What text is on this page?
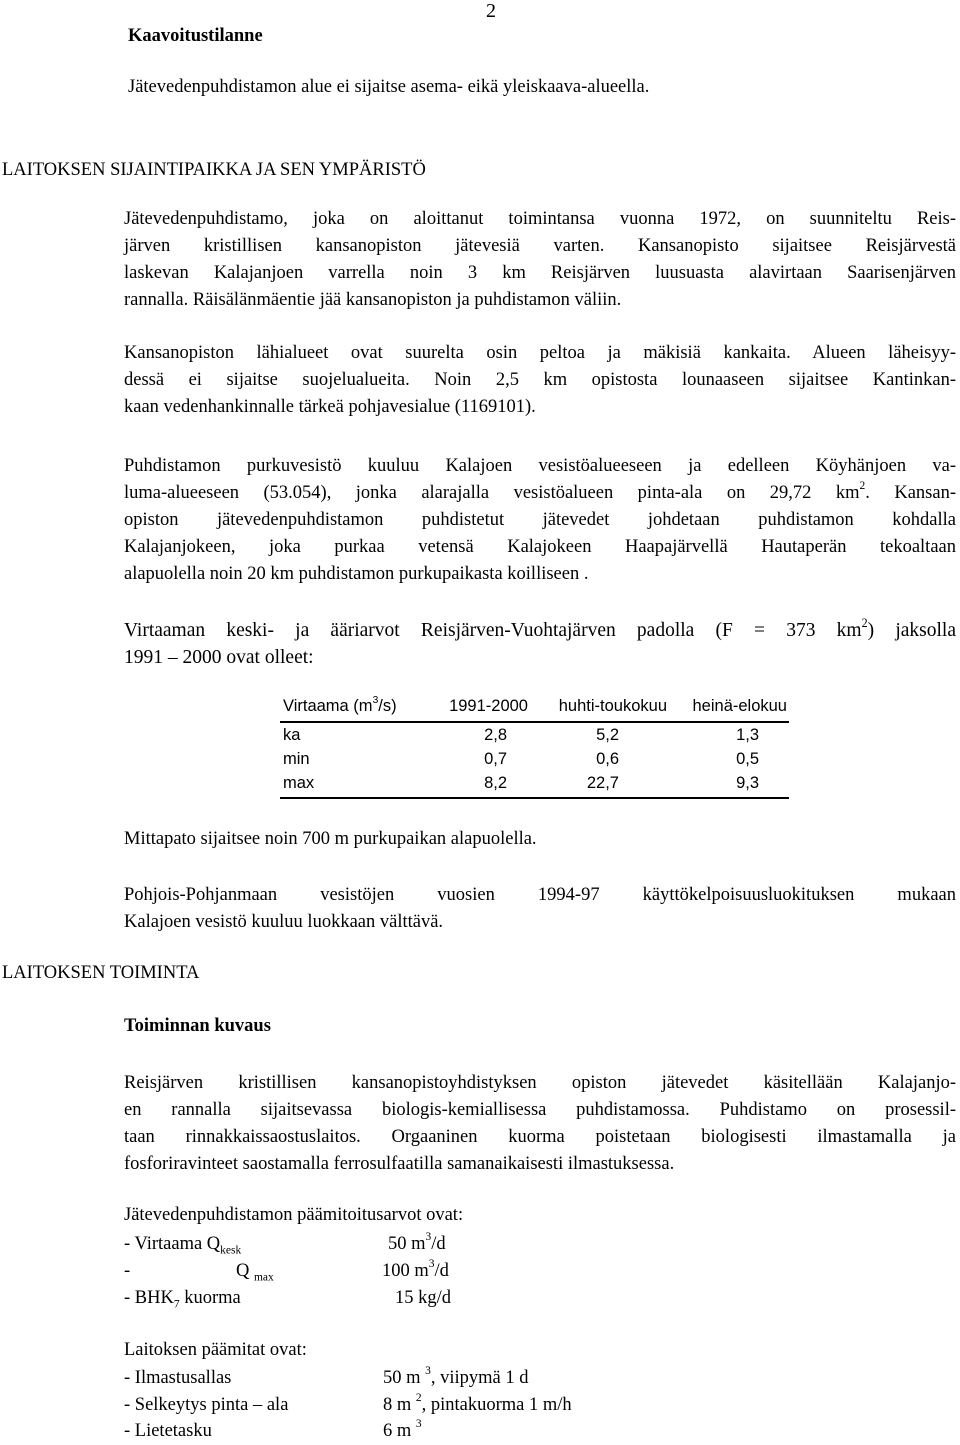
2
Kaavoitustilanne
Jätevedenpuhdistamon alue ei sijaitse asema- eikä yleiskaava-alueella.
LAITOKSEN SIJAINTIPAIKKA JA SEN YMPÄRISTÖ
Jätevedenpuhdistamo, joka on aloittanut toimintansa vuonna 1972, on suunniteltu Reis-
järven kristillisen kansanopiston jätevesiä varten. Kansanopisto sijaitsee Reisjärvestä
laskevan Kalajanjoen varrella noin 3 km Reisjärven luusuasta alavirtaan Saarisenjärven
rannalla. Räisälänmäentie jää kansanopiston ja puhdistamon väliin.
Kansanopiston lähialueet ovat suurelta osin peltoa ja mäkisiä kankaita. Alueen läheisyy-
dessä ei sijaitse suojelualueita. Noin 2,5 km opistosta lounaaseen sijaitsee Kantinkan-
kaan vedenhankinnalle tärkeä pohjavesialue (1169101).
Puhdistamon purkuvesistö kuuluu Kalajoen vesistöalueeseen ja edelleen Köyhänjoen va-
luma-alueeseen (53.054), jonka alarajalla vesistöalueen pinta-ala on 29,72 $km^2$. Kansan-
opiston jätevedenpuhdistamon puhdistetut jätevedet johdetaan puhdistamon kohdalla
Kalajanjokeen, joka purkaa vetensä Kalajokeen Haapajärvellä Hautaperän tekoaltaan
alapuolella noin 20 km puhdistamon purkupaikasta koilliseen .
Virtaaman keski- ja ääriarvot Reisjärven-Vuohtajärven padolla (F = 373 $km^2$) jaksolla
1991 – 2000 ovat olleet:
Virtaama $(m^3/s)$	1991-2000 huhti-toukokuu heinä-elokuu
ka	2,8	5,2	1,3
min	0,7	0,6	0,5
max	8,2	22,7	9,3
Mittapato sijaitsee noin 700 m purkupaikan alapuolella.
Pohjois-Pohjanmaan vesistöjen vuosien 1994-97 käyttökelpoisuusluokituksen mukaan
Kalajoen vesistö kuuluu luokkaan välttävä.
LAITOKSEN TOIMINTA
Toiminnan kuvaus
Reisjärven kristillisen kansanopistoyhdistyksen opiston jätevedet käsitellään Kalajanjo-
en rannalla sijaitsevassa biologis-kemiallisessa puhdistamossa. Puhdistamo on prosessil-
taan rinnakkaissaostuslaitos. Orgaaninen kuorma poistetaan biologisesti ilmastamalla ja
fosforiravinteet saostamalla ferrosulfaatilla samanaikaisesti ilmastuksessa.
Jätevedenpuhdistamon päämitoitusarvot ovat:
- Virtaama $Q_{kesk}$	50 $m^3/d$
-	Q $_{max}$	100 $m^3/d$
- $BHK_7$ kuorma	15 kg/d
Laitoksen päämitat ovat:
- Ilmastusallas	50 m $^3$, viipymä 1 d
- Selkeytys pinta – ala	8 m $^2$, pintakuorma 1 m/h
- Lietetasku	6 m $^3$
